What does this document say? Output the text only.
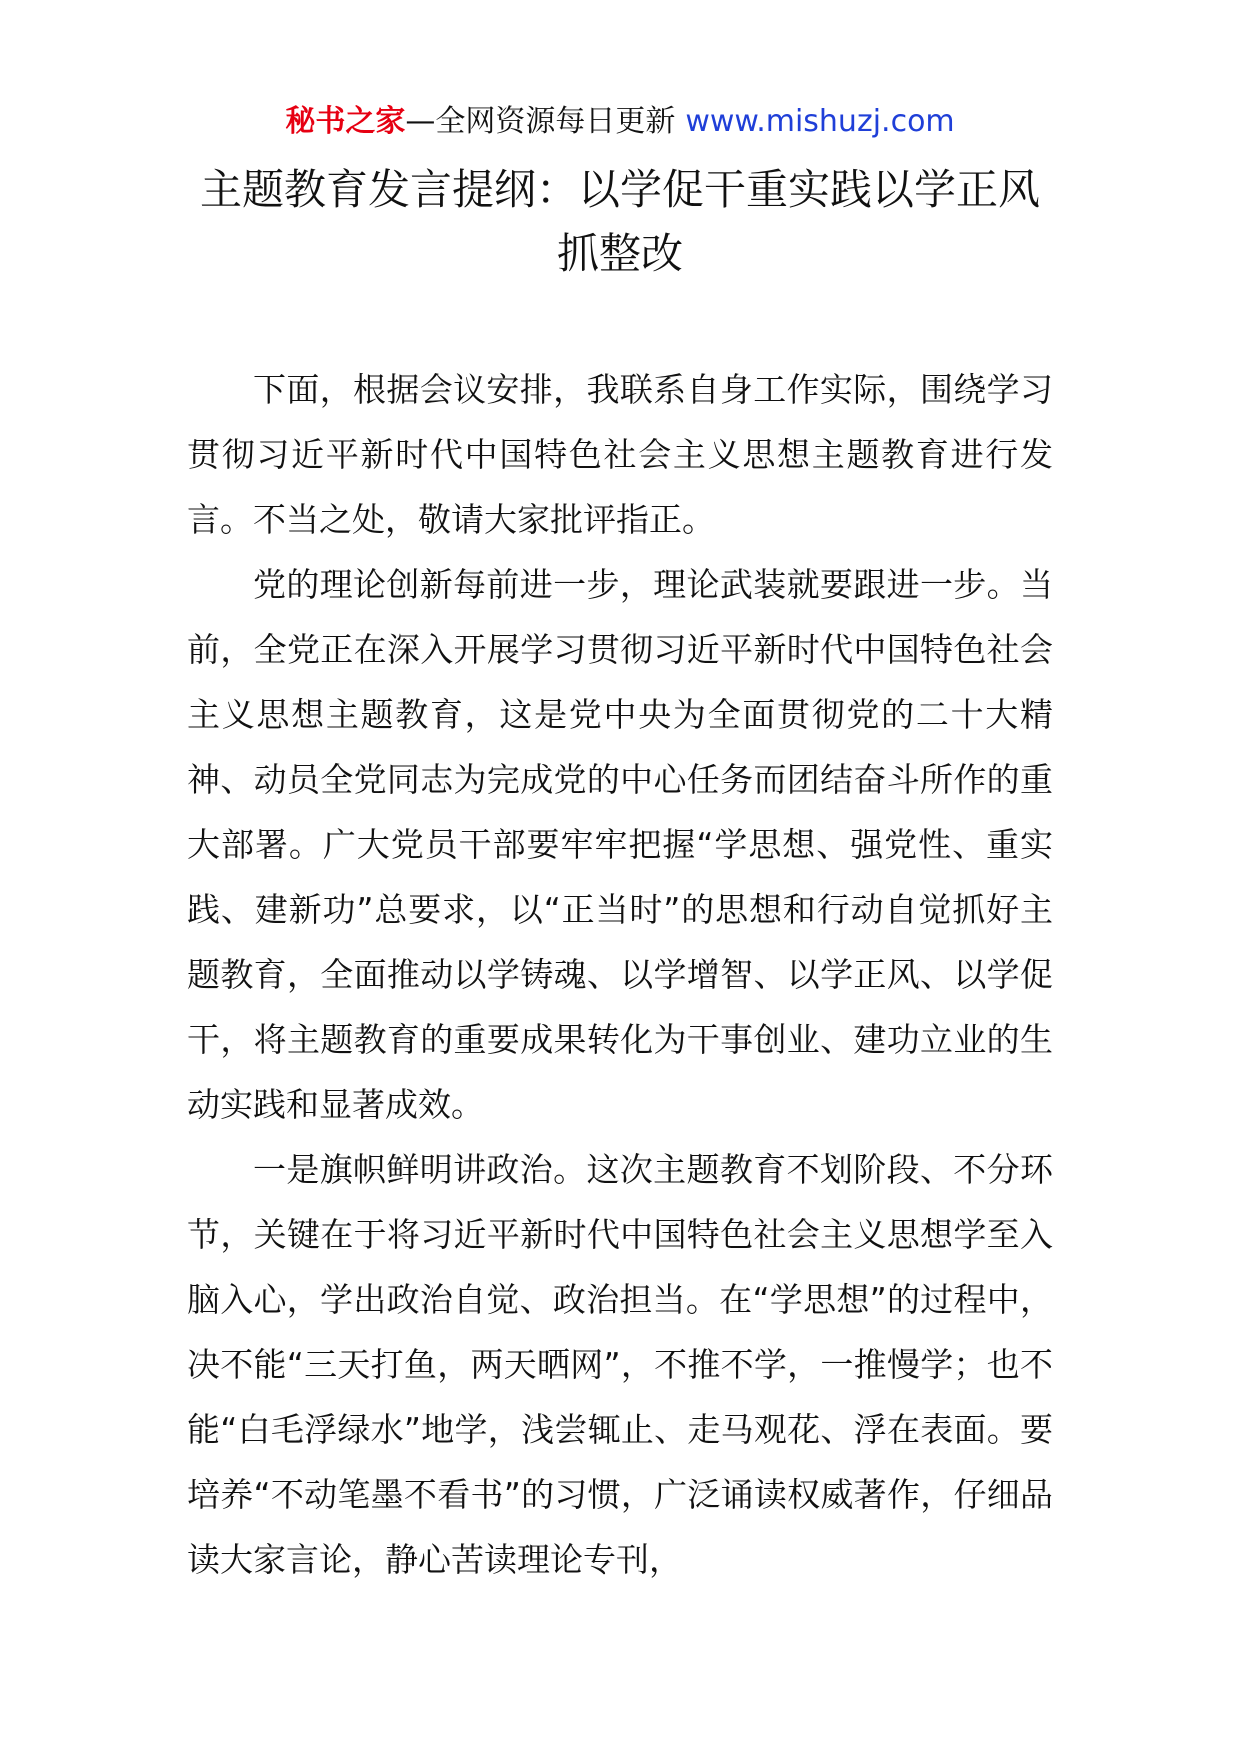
秘书之家—全网资源每日更新 www.mishuzj.com
主题教育发言提纲：以学促干重实践以学正风抓整改

下面，根据会议安排，我联系自身工作实际，围绕学习贯彻习近平新时代中国特色社会主义思想主题教育进行发言。不当之处，敬请大家批评指正。

党的理论创新每前进一步，理论武装就要跟进一步。当前，全党正在深入开展学习贯彻习近平新时代中国特色社会主义思想主题教育，这是党中央为全面贯彻党的二十大精神、动员全党同志为完成党的中心任务而团结奋斗所作的重大部署。广大党员干部要牢牢把握“学思想、强党性、重实践、建新功”总要求，以“正当时”的思想和行动自觉抓好主题教育，全面推动以学铸魂、以学增智、以学正风、以学促干，将主题教育的重要成果转化为干事创业、建功立业的生动实践和显著成效。

一是旗帜鲜明讲政治。这次主题教育不划阶段、不分环节，关键在于将习近平新时代中国特色社会主义思想学至入脑入心，学出政治自觉、政治担当。在“学思想”的过程中，决不能“三天打鱼，两天晒网”，不推不学，一推慢学；也不能“白毛浮绿水”地学，浅尝辄止、走马观花、浮在表面。要培养“不动笔墨不看书”的习惯，广泛诵读权威著作，仔细品读大家言论，静心苦读理论专刊，
